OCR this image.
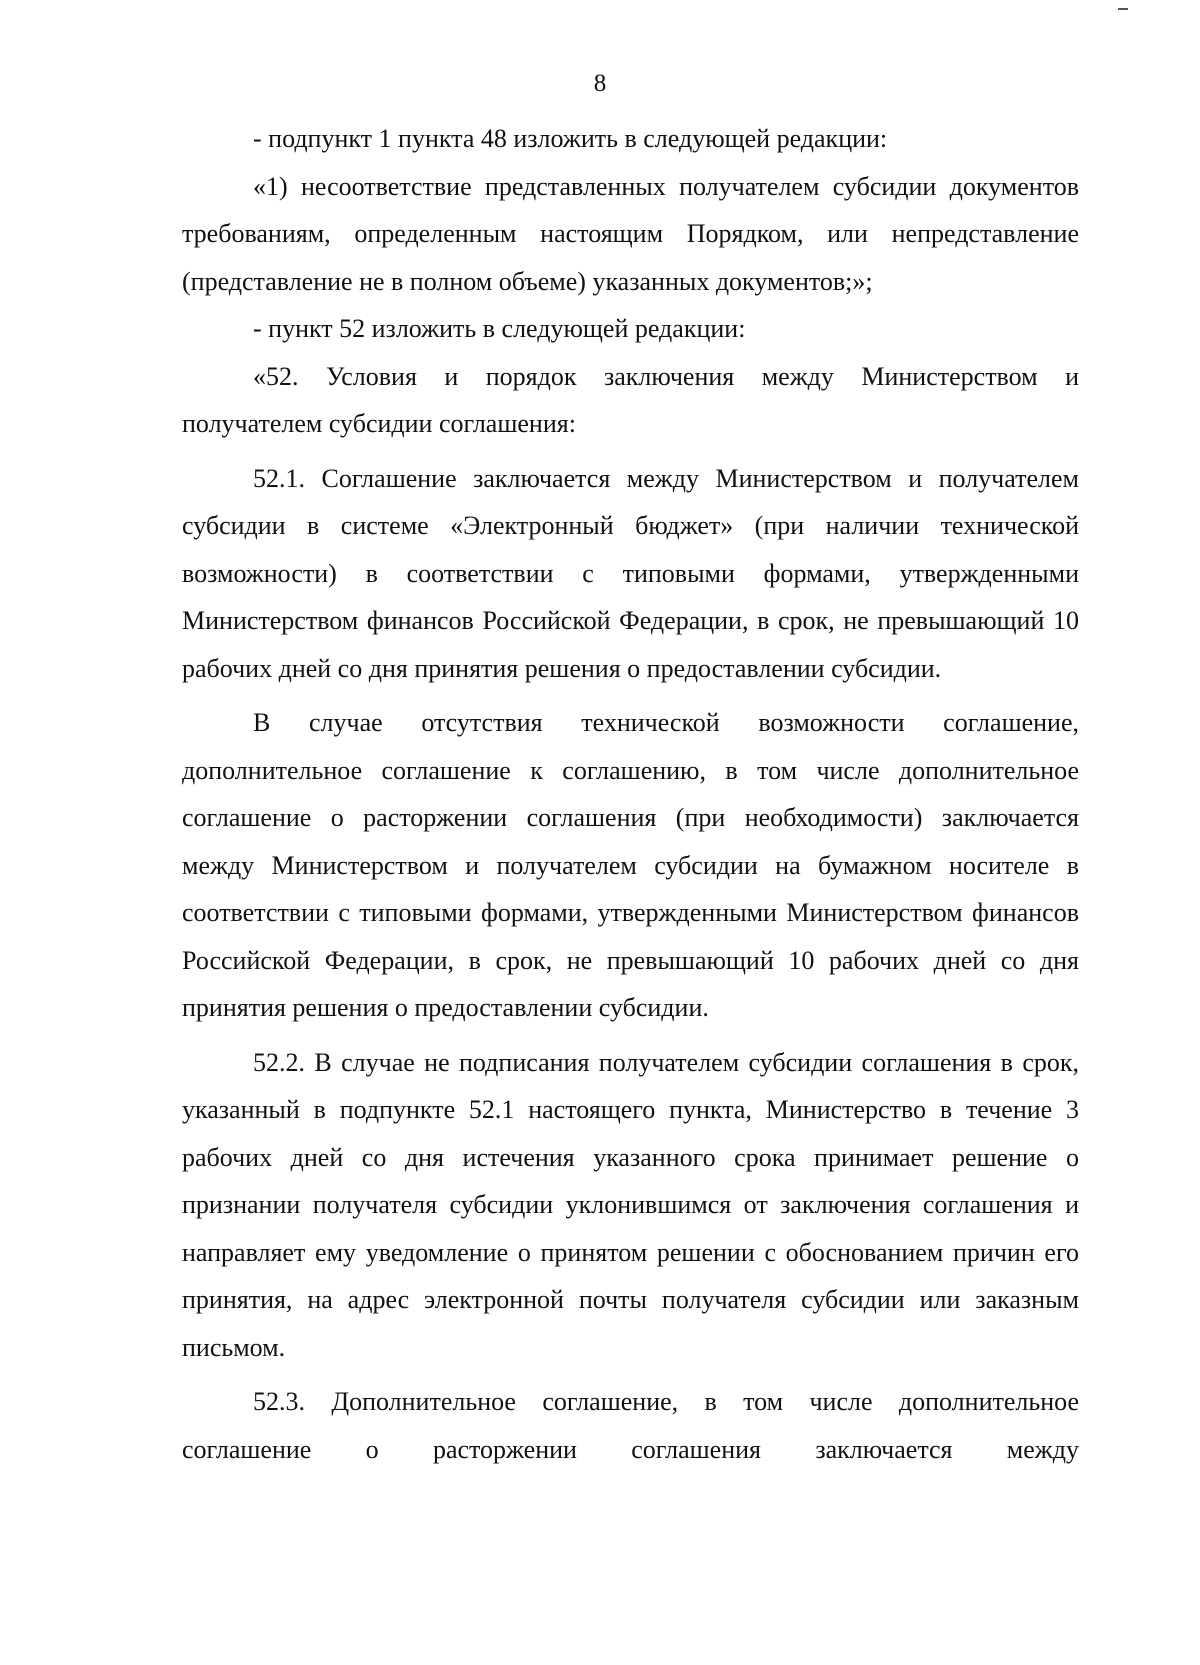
8

- подпункт 1 пункта 48 изложить в следующей редакции:

«1) несоответствие представленных получателем субсидии документов требованиям, определенным настоящим Порядком, или непредставление (представление не в полном объеме) указанных документов;»;

- пункт 52 изложить в следующей редакции:

«52. Условия и порядок заключения между Министерством и получателем субсидии соглашения:

52.1. Соглашение заключается между Министерством и получателем субсидии в системе «Электронный бюджет» (при наличии технической возможности) в соответствии с типовыми формами, утвержденными Министерством финансов Российской Федерации, в срок, не превышающий 10 рабочих дней со дня принятия решения о предоставлении субсидии.

В случае отсутствия технической возможности соглашение, дополнительное соглашение к соглашению, в том числе дополнительное соглашение о расторжении соглашения (при необходимости) заключается между Министерством и получателем субсидии на бумажном носителе в соответствии с типовыми формами, утвержденными Министерством финансов Российской Федерации, в срок, не превышающий 10 рабочих дней со дня принятия решения о предоставлении субсидии.

52.2. В случае не подписания получателем субсидии соглашения в срок, указанный в подпункте 52.1 настоящего пункта, Министерство в течение 3 рабочих дней со дня истечения указанного срока принимает решение о признании получателя субсидии уклонившимся от заключения соглашения и направляет ему уведомление о принятом решении с обоснованием причин его принятия, на адрес электронной почты получателя субсидии или заказным письмом.

52.3. Дополнительное соглашение, в том числе дополнительное соглашение о расторжении соглашения заключается между
